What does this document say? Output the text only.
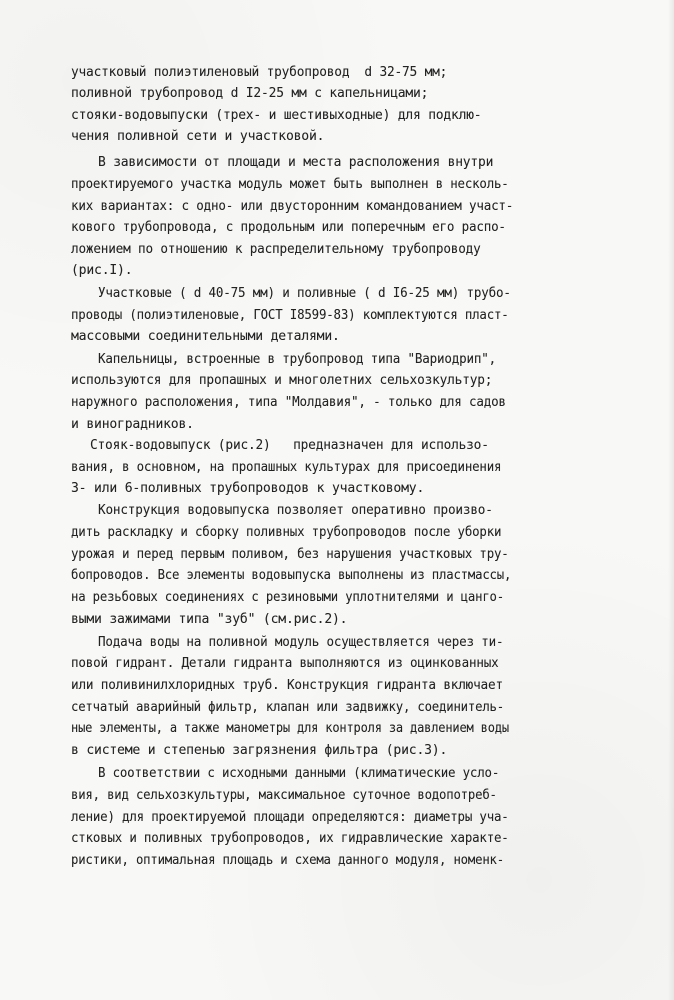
участковый полиэтиленовый трубопровод  d 32-75 мм;
поливной трубопровод d I2-25 мм с капельницами;
стояки-водовыпуски (трех- и шестивыходные) для подклю-
чения поливной сети и участковой.
В зависимости от площади и места расположения внутри
проектируемого участка модуль может быть выполнен в несколь-
ких вариантах: с одно- или двусторонним командованием участ-
кового трубопровода, с продольным или поперечным его распо-
ложением по отношению к распределительному трубопроводу
(рис.I).
Участковые ( d 40-75 мм) и поливные ( d I6-25 мм) трубо-
проводы (полиэтиленовые, ГОСТ I8599-83) комплектуются пласт-
массовыми соединительными деталями.
Капельницы, встроенные в трубопровод типа "Вариодрип",
используются для пропашных и многолетних сельхозкультур;
наружного расположения, типа "Молдавия", - только для садов
и виноградников.
Стояк-водовыпуск (рис.2)   предназначен для использо-
вания, в основном, на пропашных культурах для присоединения
3- или 6-поливных трубопроводов к участковому.
Конструкция водовыпуска позволяет оперативно произво-
дить раскладку и сборку поливных трубопроводов после уборки
урожая и перед первым поливом, без нарушения участковых тру-
бопроводов. Все элементы водовыпуска выполнены из пластмассы,
на резьбовых соединениях с резиновыми уплотнителями и цанго-
выми зажимами типа "зуб" (см.рис.2).
Подача воды на поливной модуль осуществляется через ти-
повой гидрант. Детали гидранта выполняются из оцинкованных
или поливинилхлоридных труб. Конструкция гидранта включает
сетчатый аварийный фильтр, клапан или задвижку, соединитель-
ные элементы, а также манометры для контроля за давлением воды
в системе и степенью загрязнения фильтра (рис.3).
В соответствии с исходными данными (климатические усло-
вия, вид сельхозкультуры, максимальное суточное водопотреб-
ление) для проектируемой площади определяются: диаметры уча-
стковых и поливных трубопроводов, их гидравлические характе-
ристики, оптимальная площадь и схема данного модуля, номенк-
